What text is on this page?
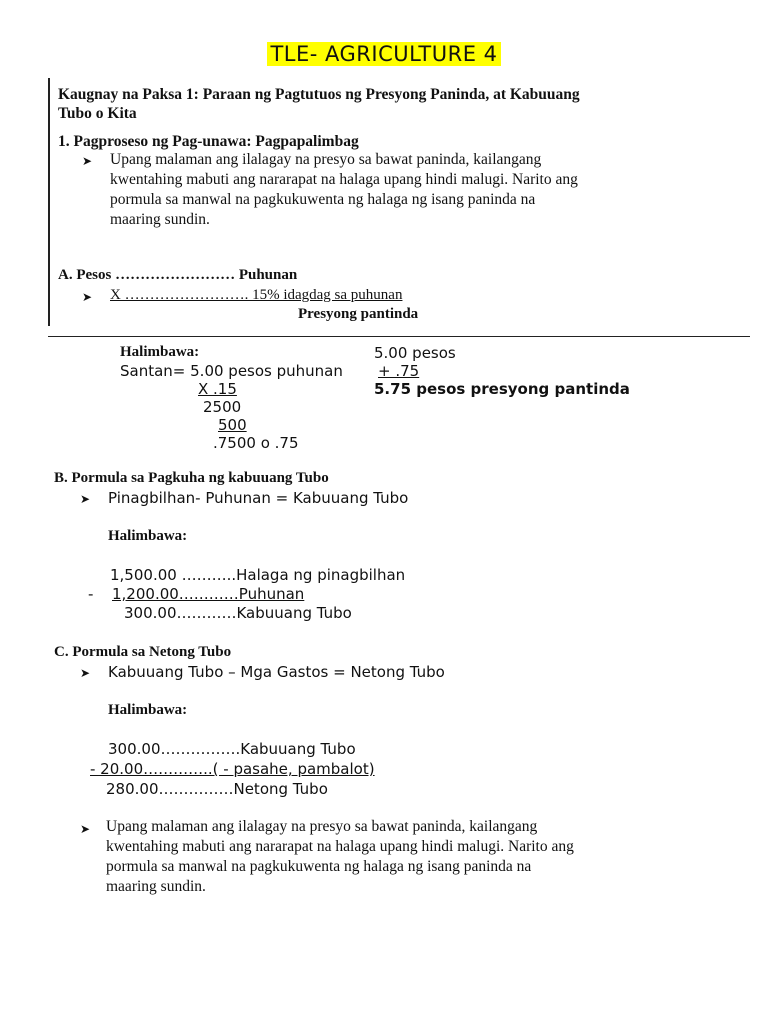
TLE- AGRICULTURE 4
Kaugnay na Paksa 1: Paraan ng Pagtutuos ng Presyong Paninda, at Kabuuang
Tubo o Kita
1. Pagproseso ng Pag-unawa: Pagpapalimbag
➤ Upang malaman ang ilalagay na presyo sa bawat paninda, kailangang
kwentahing mabuti ang nararapat na halaga upang hindi malugi. Narito ang
pormula sa manwal na pagkukuwenta ng halaga ng isang paninda na
maaring sundin.
A. Pesos …………………… Puhunan
➤ X ……………………. 15% idagdag sa puhunan
Presyong pantinda
Halimbawa:
Santan= 5.00 pesos puhunan
X .15
2500
500
.7500 o .75
5.00 pesos
+ .75
5.75 pesos presyong pantinda
B. Pormula sa Pagkuha ng kabuuang Tubo
➤ Pinagbilhan- Puhunan = Kabuuang Tubo
Halimbawa:
1,500.00 ………..Halaga ng pinagbilhan
- 1,200.00…………Puhunan
300.00…………Kabuuang Tubo
C. Pormula sa Netong Tubo
➤ Kabuuang Tubo – Mga Gastos = Netong Tubo
Halimbawa:
300.00…………….Kabuuang Tubo
- 20.00…………..( - pasahe, pambalot)
280.00……………Netong Tubo
➤ Upang malaman ang ilalagay na presyo sa bawat paninda, kailangang
kwentahing mabuti ang nararapat na halaga upang hindi malugi. Narito ang
pormula sa manwal na pagkukuwenta ng halaga ng isang paninda na
maaring sundin.
